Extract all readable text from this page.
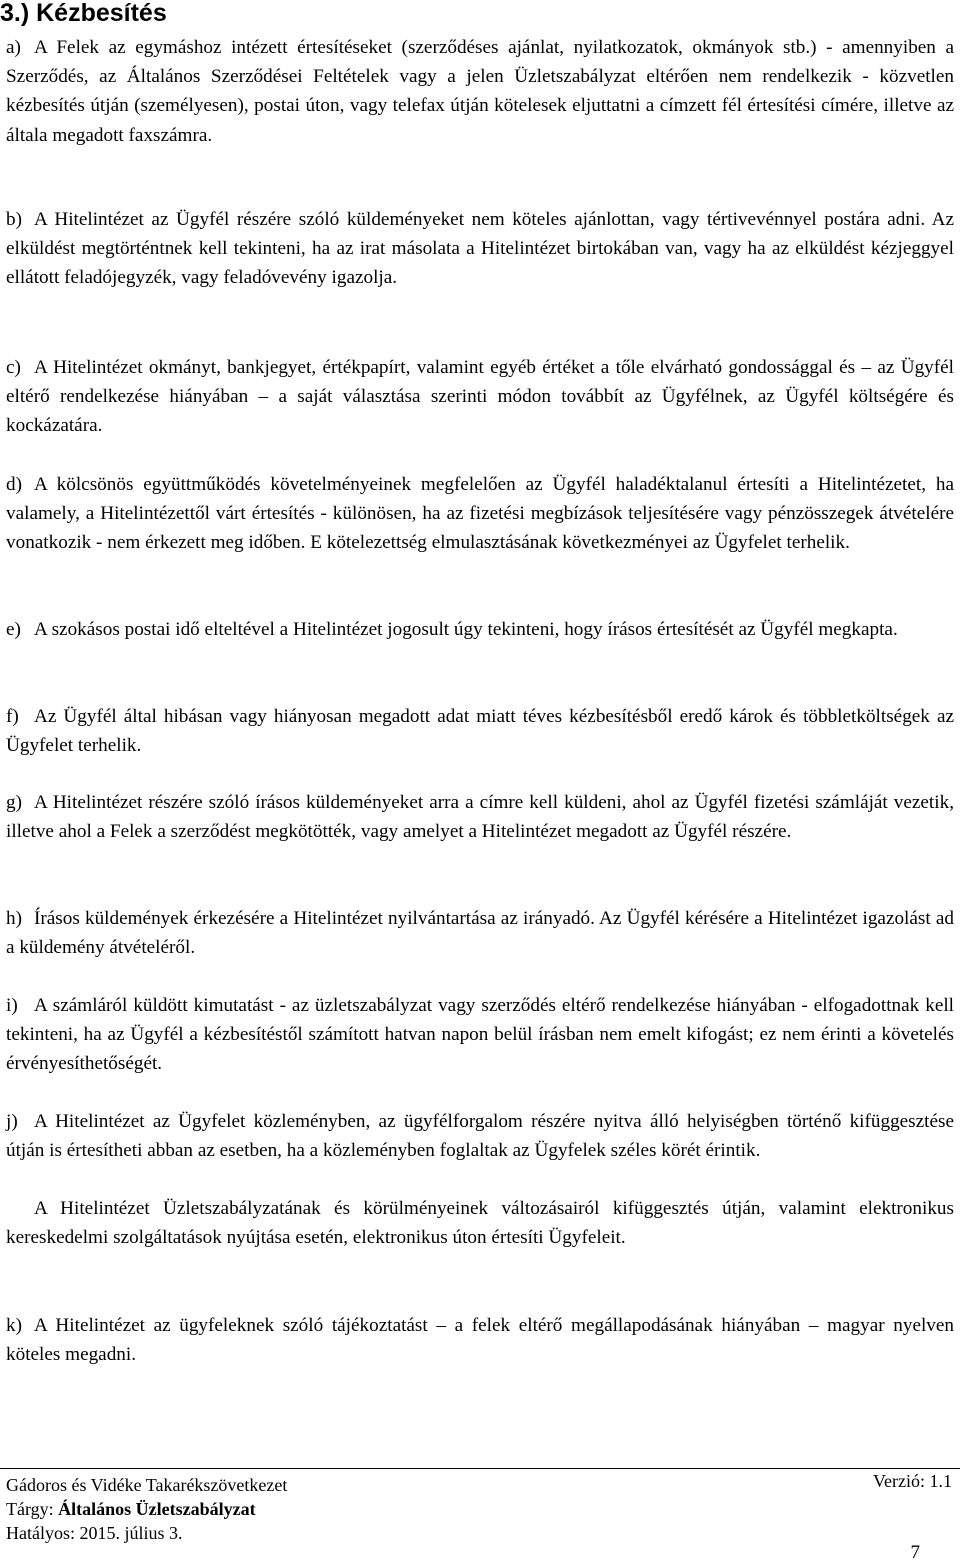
3.) Kézbesítés

a) A Felek az egymáshoz intézett értesítéseket (szerződéses ajánlat, nyilatkozatok, okmányok stb.) - amennyiben a Szerződés, az Általános Szerződései Feltételek vagy a jelen Üzletszabályzat eltérően nem rendelkezik - közvetlen kézbesítés útján (személyesen), postai úton, vagy telefax útján kötelesek eljuttatni a címzett fél értesítési címére, illetve az általa megadott faxszámra.

b) A Hitelintézet az Ügyfél részére szóló küldeményeket nem köteles ajánlottan, vagy tértivevénnyel postára adni. Az elküldést megtörténtnek kell tekinteni, ha az irat másolata a Hitelintézet birtokában van, vagy ha az elküldést kézjeggyel ellátott feladójegyzék, vagy feladóvevény igazolja.

c) A Hitelintézet okmányt, bankjegyet, értékpapírt, valamint egyéb értéket a tőle elvárható gondossággal és – az Ügyfél eltérő rendelkezése hiányában – a saját választása szerinti módon továbbít az Ügyfélnek, az Ügyfél költségére és kockázatára.

d) A kölcsönös együttműködés követelményeinek megfelelően az Ügyfél haladéktalanul értesíti a Hitelintézetet, ha valamely, a Hitelintézettől várt értesítés - különösen, ha az fizetési megbízások teljesítésére vagy pénzösszegek átvételére vonatkozik - nem érkezett meg időben. E kötelezettség elmulasztásának következményei az Ügyfelet terhelik.

e) A szokásos postai idő elteltével a Hitelintézet jogosult úgy tekinteni, hogy írásos értesítését az Ügyfél megkapta.

f) Az Ügyfél által hibásan vagy hiányosan megadott adat miatt téves kézbesítésből eredő károk és többletköltségek az Ügyfelet terhelik.

g) A Hitelintézet részére szóló írásos küldeményeket arra a címre kell küldeni, ahol az Ügyfél fizetési számláját vezetik, illetve ahol a Felek a szerződést megkötötték, vagy amelyet a Hitelintézet megadott az Ügyfél részére.

h) Írásos küldemények érkezésére a Hitelintézet nyilvántartása az irányadó. Az Ügyfél kérésére a Hitelintézet igazolást ad a küldemény átvételéről.

i) A számláról küldött kimutatást - az üzletszabályzat vagy szerződés eltérő rendelkezése hiányában - elfogadottnak kell tekinteni, ha az Ügyfél a kézbesítéstől számított hatvan napon belül írásban nem emelt kifogást; ez nem érinti a követelés érvényesíthetőségét.

j) A Hitelintézet az Ügyfelet közleményben, az ügyfélforgalom részére nyitva álló helyiségben történő kifüggesztése útján is értesítheti abban az esetben, ha a közleményben foglaltak az Ügyfelek széles körét érintik.

A Hitelintézet Üzletszabályzatának és körülményeinek változásairól kifüggesztés útján, valamint elektronikus kereskedelmi szolgáltatások nyújtása esetén, elektronikus úton értesíti Ügyfeleit.

k) A Hitelintézet az ügyfeleknek szóló tájékoztatást – a felek eltérő megállapodásának hiányában – magyar nyelven köteles megadni.

Gádoros és Vidéke Takarékszövetkezet	Verzió: 1.1
Tárgy: Általános Üzletszabályzat
Hatályos: 2015. július 3.
7
